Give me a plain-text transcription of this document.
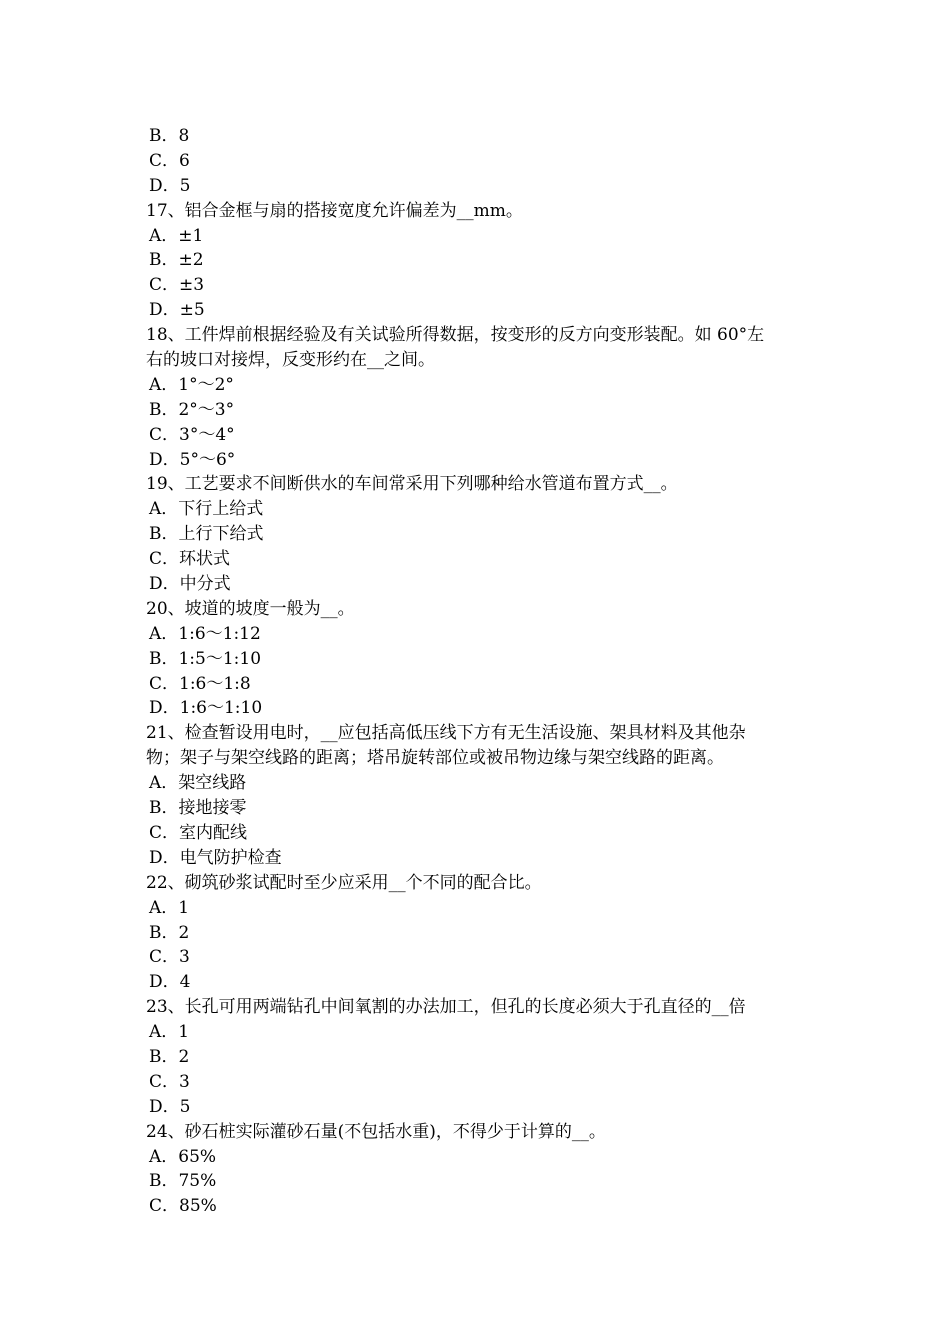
B．8
C．6
D．5
17、铝合金框与扇的搭接宽度允许偏差为__mm。
A．±1
B．±2
C．±3
D．±5
18、工件焊前根据经验及有关试验所得数据，按变形的反方向变形装配。如 60°左
右的坡口对接焊，反变形约在__之间。
A．1°～2°
B．2°～3°
C．3°～4°
D．5°～6°
19、工艺要求不间断供水的车间常采用下列哪种给水管道布置方式__。
A．下行上给式
B．上行下给式
C．环状式
D．中分式
20、坡道的坡度一般为__。
A．1:6～1:12
B．1:5～1:10
C．1:6～1:8
D．1:6～1:10
21、检查暂设用电时，__应包括高低压线下方有无生活设施、架具材料及其他杂
物；架子与架空线路的距离；塔吊旋转部位或被吊物边缘与架空线路的距离。
A．架空线路
B．接地接零
C．室内配线
D．电气防护检查
22、砌筑砂浆试配时至少应采用__个不同的配合比。
A．1
B．2
C．3
D．4
23、长孔可用两端钻孔中间氧割的办法加工，但孔的长度必须大于孔直径的__倍
A．1
B．2
C．3
D．5
24、砂石桩实际灌砂石量(不包括水重)，不得少于计算的__。
A．65%
B．75%
C．85%
